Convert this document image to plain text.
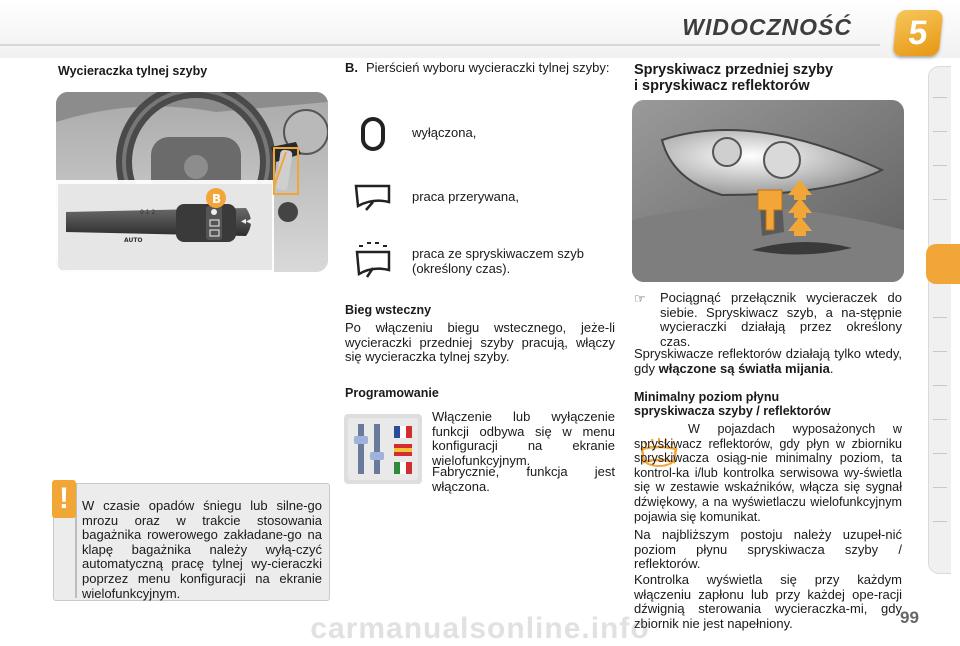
WIDOCZNOŚĆ	5
Wycieraczka tylnej szyby
◂◂
0 1 2
AUTO
B
!	W czasie opadów śniegu lub silne-go mrozu oraz w trakcie stosowania bagażnika rowerowego zakładane-go na klapę bagażnika należy wyłą-czyć automatyczną pracę tylnej wy-cieraczki poprzez menu konfiguracji na ekranie wielofunkcyjnym.
B. Pierścień wyboru wycieraczki tylnej szyby:
wyłączona,
praca przerywana,
praca ze spryskiwaczem szyb (określony czas).
Bieg wsteczny
Po włączeniu biegu wstecznego, jeże-li wycieraczki przedniej szyby pracują, włączy się wycieraczka tylnej szyby.
Programowanie
Włączenie lub wyłączenie funkcji odbywa się w menu konfiguracji na ekranie wielofunkcyjnym.
Fabrycznie, funkcja jest włączona.
Spryskiwacz przedniej szyby
i spryskiwacz reflektorów
☞ Pociągnąć przełącznik wycieraczek do siebie. Spryskiwacz szyb, a na-stępnie wycieraczki działają przez określony czas.
Spryskiwacze reflektorów działają tylko wtedy, gdy włączone są światła mijania.
Minimalny poziom płynu
spryskiwacza szyby / reflektorów
W pojazdach wyposażonych w spryskiwacz reflektorów, gdy płyn w zbiorniku spryskiwacza osiąg-nie minimalny poziom, ta kontrol-ka i/lub kontrolka serwisowa wy-świetla się w zestawie wskaźników, włącza się sygnał dźwiękowy, a na wyświetlaczu wielofunkcyjnym pojawia się komunikat.
Na najbliższym postoju należy uzupeł-nić poziom płynu spryskiwacza szyby / reflektorów.
Kontrolka wyświetla się przy każdym włączeniu zapłonu lub przy każdej ope-racji dźwignią sterowania wycieraczka-mi, gdy zbiornik nie jest napełniony.	99
carmanualsonline.info
